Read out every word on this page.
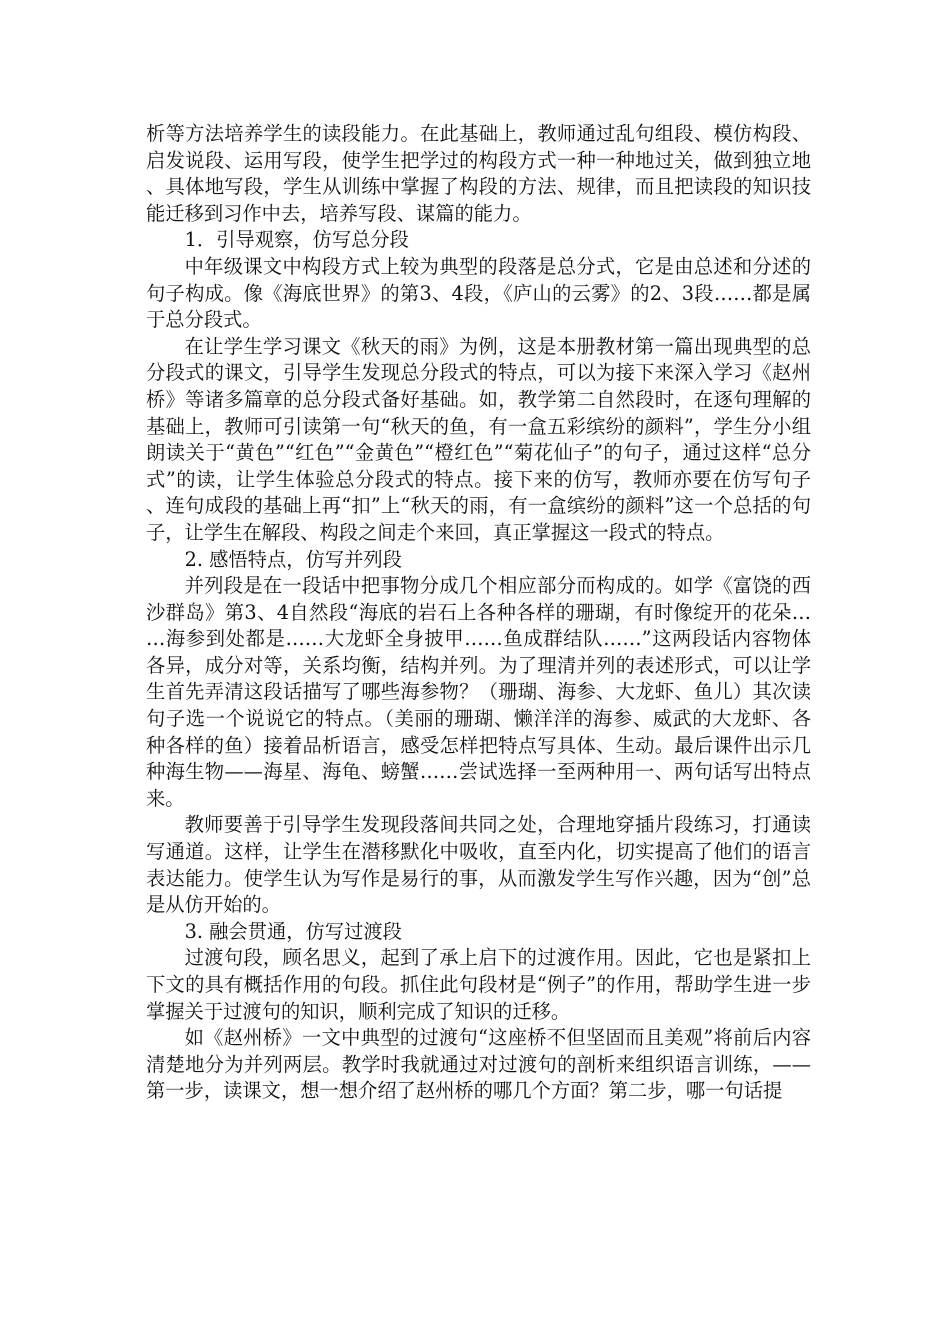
析等方法培养学生的读段能力。在此基础上，教师通过乱句组段、模仿构段、启发说段、运用写段，使学生把学过的构段方式一种一种地过关，做到独立地、具体地写段，学生从训练中掌握了构段的方法、规律，而且把读段的知识技能迁移到习作中去，培养写段、谋篇的能力。

1．引导观察，仿写总分段

中年级课文中构段方式上较为典型的段落是总分式，它是由总述和分述的句子构成。像《海底世界》的第3、4段，《庐山的云雾》的2、3段……都是属于总分段式。

在让学生学习课文《秋天的雨》为例，这是本册教材第一篇出现典型的总分段式的课文，引导学生发现总分段式的特点，可以为接下来深入学习《赵州桥》等诸多篇章的总分段式备好基础。如，教学第二自然段时，在逐句理解的基础上，教师可引读第一句“秋天的鱼，有一盒五彩缤纷的颜料”，学生分小组朗读关于“黄色”“红色”“金黄色”“橙红色”“菊花仙子”的句子，通过这样“总分式”的读，让学生体验总分段式的特点。接下来的仿写，教师亦要在仿写句子、连句成段的基础上再“扣”上“秋天的雨，有一盒缤纷的颜料”这一个总括的句子，让学生在解段、构段之间走个来回，真正掌握这一段式的特点。

2. 感悟特点，仿写并列段

并列段是在一段话中把事物分成几个相应部分而构成的。如学《富饶的西沙群岛》第3、4自然段“海底的岩石上各种各样的珊瑚，有时像绽开的花朵……海参到处都是……大龙虾全身披甲……鱼成群结队……”这两段话内容物体各异，成分对等，关系均衡，结构并列。为了理清并列的表述形式，可以让学生首先弄清这段话描写了哪些海参物？（珊瑚、海参、大龙虾、鱼儿）其次读句子选一个说说它的特点。（美丽的珊瑚、懒洋洋的海参、威武的大龙虾、各种各样的鱼）接着品析语言，感受怎样把特点写具体、生动。最后课件出示几种海生物——海星、海龟、螃蟹……尝试选择一至两种用一、两句话写出特点来。

教师要善于引导学生发现段落间共同之处，合理地穿插片段练习，打通读写通道。这样，让学生在潜移默化中吸收，直至内化，切实提高了他们的语言表达能力。使学生认为写作是易行的事，从而激发学生写作兴趣，因为“创”总是从仿开始的。

3. 融会贯通，仿写过渡段

过渡句段，顾名思义，起到了承上启下的过渡作用。因此，它也是紧扣上下文的具有概括作用的句段。抓住此句段材是“例子”的作用，帮助学生进一步掌握关于过渡句的知识，顺利完成了知识的迁移。

如《赵州桥》一文中典型的过渡句“这座桥不但坚固而且美观”将前后内容清楚地分为并列两层。教学时我就通过对过渡句的剖析来组织语言训练，——第一步，读课文，想一想介绍了赵州桥的哪几个方面？第二步，哪一句话提
